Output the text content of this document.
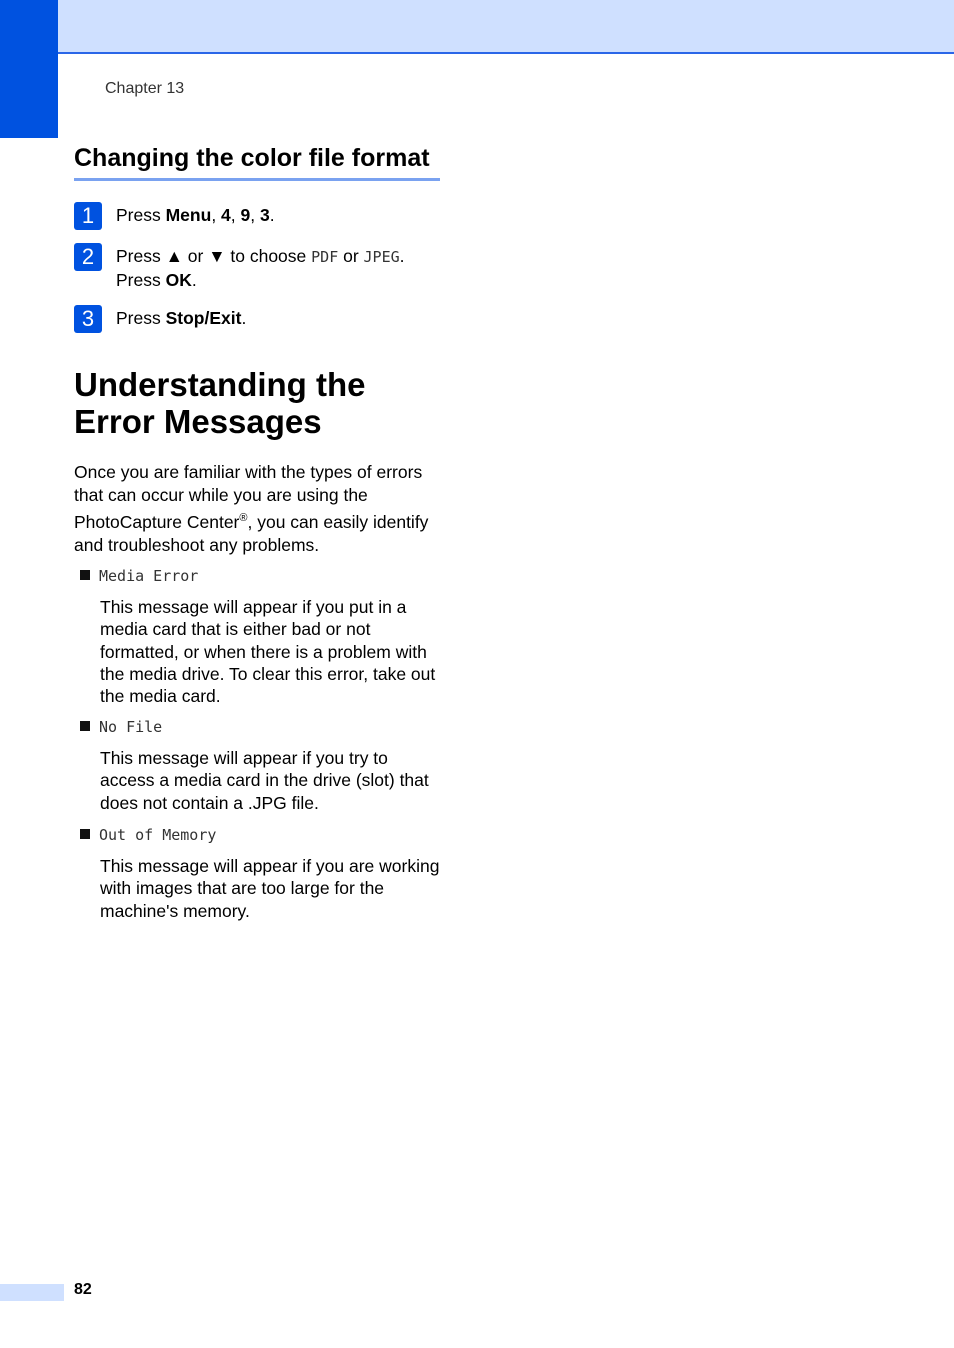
Chapter 13
Changing the color file format
1	Press Menu, 4, 9, 3.
2	Press ▲ or ▼ to choose PDF or JPEG.
Press OK.
3	Press Stop/Exit.
Understanding the
Error Messages
Once you are familiar with the types of errors that can occur while you are using the PhotoCapture Center®, you can easily identify and troubleshoot any problems.
Media Error
This message will appear if you put in a media card that is either bad or not formatted, or when there is a problem with the media drive. To clear this error, take out the media card.
No File
This message will appear if you try to access a media card in the drive (slot) that does not contain a .JPG file.
Out of Memory
This message will appear if you are working with images that are too large for the machine's memory.
82
